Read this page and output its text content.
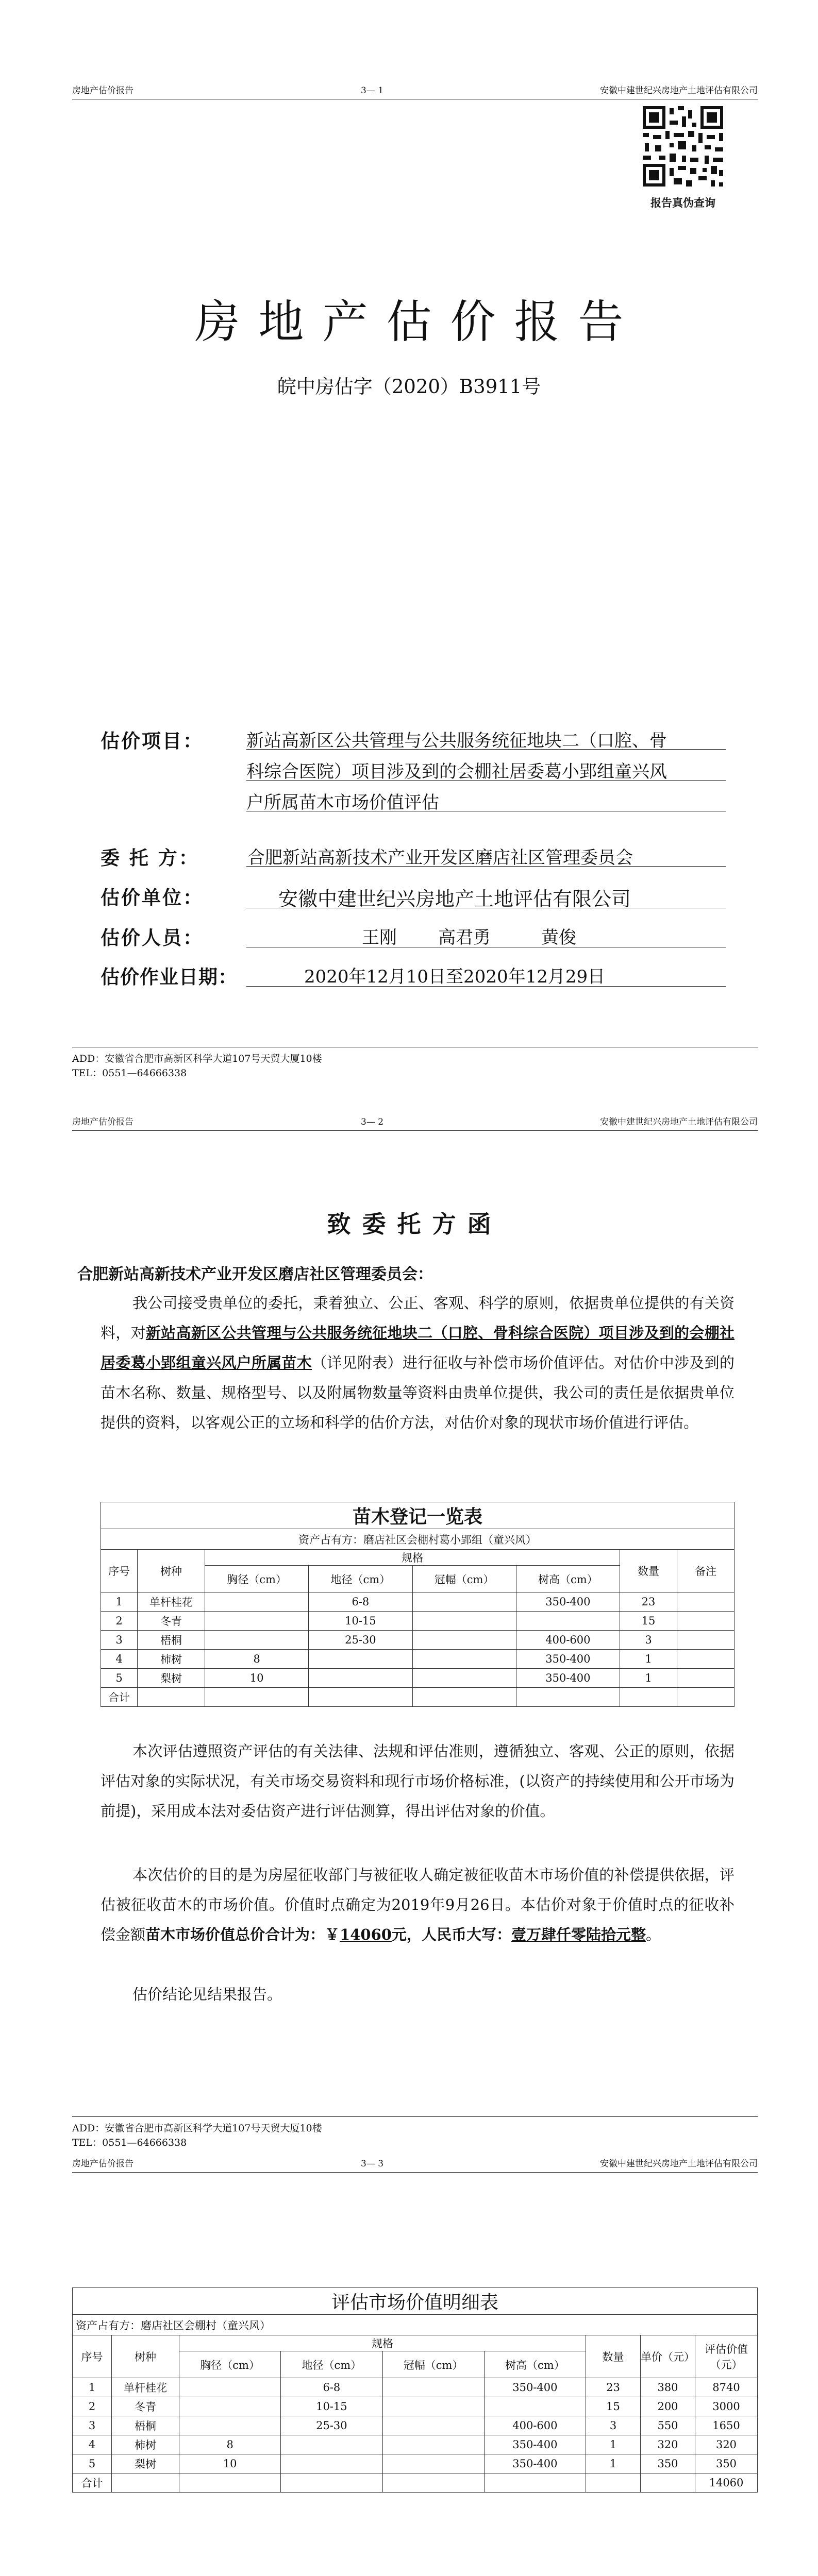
房地产估价报告	3— 1	安徽中建世纪兴房地产土地评估有限公司
报告真伪查询
房地产估价报告
皖中房估字（2020）B3911号
估价项目： 新站高新区公共管理与公共服务统征地块二（口腔、骨
科综合医院）项目涉及到的会棚社居委葛小郢组童兴风
户所属苗木市场价值评估
委 托 方：	合肥新站高新技术产业开发区磨店社区管理委员会
估价单位：	安徽中建世纪兴房地产土地评估有限公司
估价人员：	王刚 高君勇	黄俊
估价作业日期：	2020年12月10日至2020年12月29日
ADD：安徽省合肥市高新区科学大道107号天贸大厦10楼
TEL：0551—64666338
房地产估价报告	3— 2	安徽中建世纪兴房地产土地评估有限公司
致委托方函
合肥新站高新技术产业开发区磨店社区管理委员会：
我公司接受贵单位的委托，秉着独立、公正、客观、科学的原则，依据贵单位提供的有关资料，对新站高新区公共管理与公共服务统征地块二（口腔、骨科综合医院）项目涉及到的会棚社居委葛小郢组童兴风户所属苗木（详见附表）进行征收与补偿市场价值评估。对估价中涉及到的苗木名称、数量、规格型号、以及附属物数量等资料由贵单位提供，我公司的责任是依据贵单位提供的资料，以客观公正的立场和科学的估价方法，对估价对象的现状市场价值进行评估。
苗木登记一览表							
资产占有方：磨店社区会棚村葛小郢组（童兴风）							
序号	树种	规格				数量	备注
		胸径（cm）	地径（cm）	冠幅（cm）	树高（cm）		
1	单杆桂花		6-8		350-400	23	
2	冬青		10-15			15	
3	梧桐		25-30		400-600	3	
4	柿树	8			350-400	1	
5	梨树	10			350-400	1	
合计							
本次评估遵照资产评估的有关法律、法规和评估准则，遵循独立、客观、公正的原则，依据评估对象的实际状况，有关市场交易资料和现行市场价格标准，(以资产的持续使用和公开市场为前提)，采用成本法对委估资产进行评估测算，得出评估对象的价值。
本次估价的目的是为房屋征收部门与被征收人确定被征收苗木市场价值的补偿提供依据，评估被征收苗木的市场价值。价值时点确定为2019年9月26日。本估价对象于价值时点的征收补偿金额苗木市场价值总价合计为：￥14060元，人民币大写：壹万肆仟零陆拾元整。
估价结论见结果报告。
ADD：安徽省合肥市高新区科学大道107号天贸大厦10楼
TEL：0551—64666338
房地产估价报告	3— 3	安徽中建世纪兴房地产土地评估有限公司
评估市场价值明细表								
资产占有方：磨店社区会棚村（童兴风）								
序号	树种	规格				数量	单价（元）	评估价值（元）
		胸径（cm）	地径（cm）	冠幅（cm）	树高（cm）			
1	单杆桂花		6-8		350-400	23	380	8740
2	冬青		10-15			15	200	3000
3	梧桐		25-30		400-600	3	550	1650
4	柿树	8			350-400	1	320	320
5	梨树	10			350-400	1	350	350
合计								14060
